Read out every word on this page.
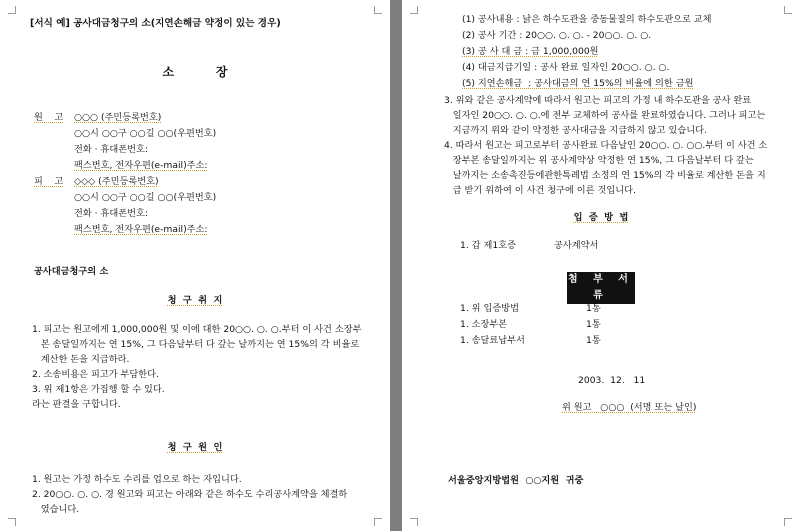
[서식 예] 공사대금청구의 소(지연손해금 약정이 있는 경우)
소          장
원    고 ○○○ (주민등록번호)
○○시 ○○구 ○○길 ○○(우편번호)
전화 · 휴대폰번호:
팩스번호, 전자우편(e-mail)주소:
피    고 ◇◇◇ (주민등록번호)
○○시 ○○구 ○○길 ○○(우편번호)
전화 · 휴대폰번호:
팩스번호, 전자우편(e-mail)주소:
공사대금청구의 소
청  구  취  지
1. 피고는 원고에게 1,000,000원 및 이에 대한 20○○. ○. ○.부터 이 사건 소장부
본 송달일까지는 연 15%, 그 다음날부터 다 갚는 날까지는 연 15%의 각 비율로
계산한 돈을 지급하라.
2. 소송비용은 피고가 부담한다.
3. 위 제1항은 가집행 할 수 있다.
라는 판결을 구합니다.
청  구  원  인
1. 원고는 가정 하수도 수리를 업으로 하는 자입니다.
2. 20○○. ○. ○. 경 원고와 피고는 아래와 같은 하수도 수리공사계약을 체결하
였습니다.
(1) 공사내용 : 낡은 하수도관을 중동물질의 하수도관으로 교체
(2) 공사 기간 : 20○○. ○. ○. - 20○○. ○. ○.
(3) 공 사 대 금 : 금 1,000,000원
(4) 대금지급기일 : 공사 완료 일자인 20○○. ○. ○.
(5) 지연손해금  : 공사대금의 연 15%의 비율에 의한 금원
3. 위와 같은 공사계약에 따라서 원고는 피고의 가정 내 하수도관을 공사 완료
일자인 20○○. ○. ○.에 전부 교체하여 공사를 완료하였습니다. 그러나 피고는
지금까지 위와 같이 약정한 공사대금을 지급하지 않고 있습니다.
4. 따라서 원고는 피고로부터 공사완료 다음날인 20○○. ○. ○○.부터 이 사건 소
장부본 송달일까지는 위 공사계약상 약정한 연 15%, 그 다음날부터 다 갚는
날까지는 소송촉진등에관한특례법 소정의 연 15%의 각 비율로 계산한 돈을 지
급 받기 위하여 이 사건 청구에 이른 것입니다.
입  증  방  법
1. 갑 제1호증	공사계약서
첨 부 서 류
1. 위 입증방법	1통
1. 소장부본	1통
1. 송달료납부서	1통
2003.  12.   11
위 원고   ○○○  (서명 또는 날인)
서울중앙지방법원  ○○지원  귀중
